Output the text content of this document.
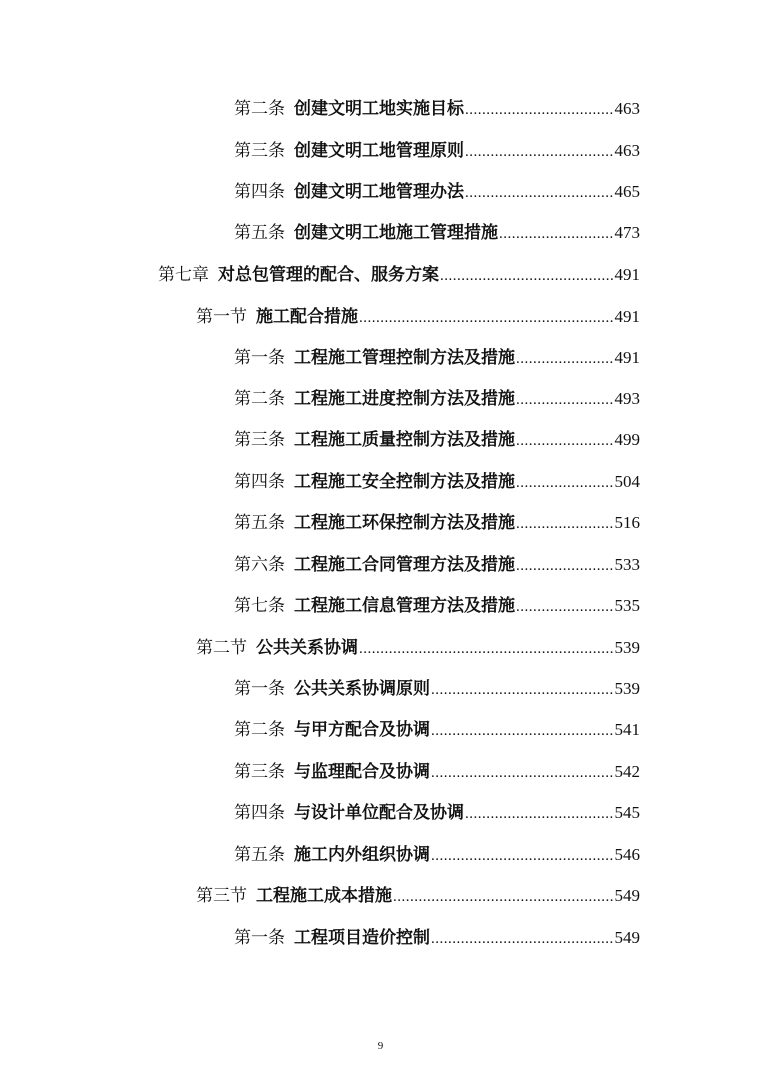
第二条 创建文明工地实施目标 .....	463
第三条 创建文明工地管理原则 .....	463
第四条 创建文明工地管理办法 .....	465
第五条 创建文明工地施工管理措施 .....	473
第七章 对总包管理的配合、服务方案 .....	491
第一节 施工配合措施 .....	491
第一条 工程施工管理控制方法及措施 .....	491
第二条 工程施工进度控制方法及措施 .....	493
第三条 工程施工质量控制方法及措施 .....	499
第四条 工程施工安全控制方法及措施 .....	504
第五条 工程施工环保控制方法及措施 .....	516
第六条 工程施工合同管理方法及措施 .....	533
第七条 工程施工信息管理方法及措施 .....	535
第二节 公共关系协调 .....	539
第一条 公共关系协调原则 .....	539
第二条 与甲方配合及协调 .....	541
第三条 与监理配合及协调 .....	542
第四条 与设计单位配合及协调 .....	545
第五条 施工内外组织协调 .....	546
第三节 工程施工成本措施 .....	549
第一条 工程项目造价控制 .....	549
9
